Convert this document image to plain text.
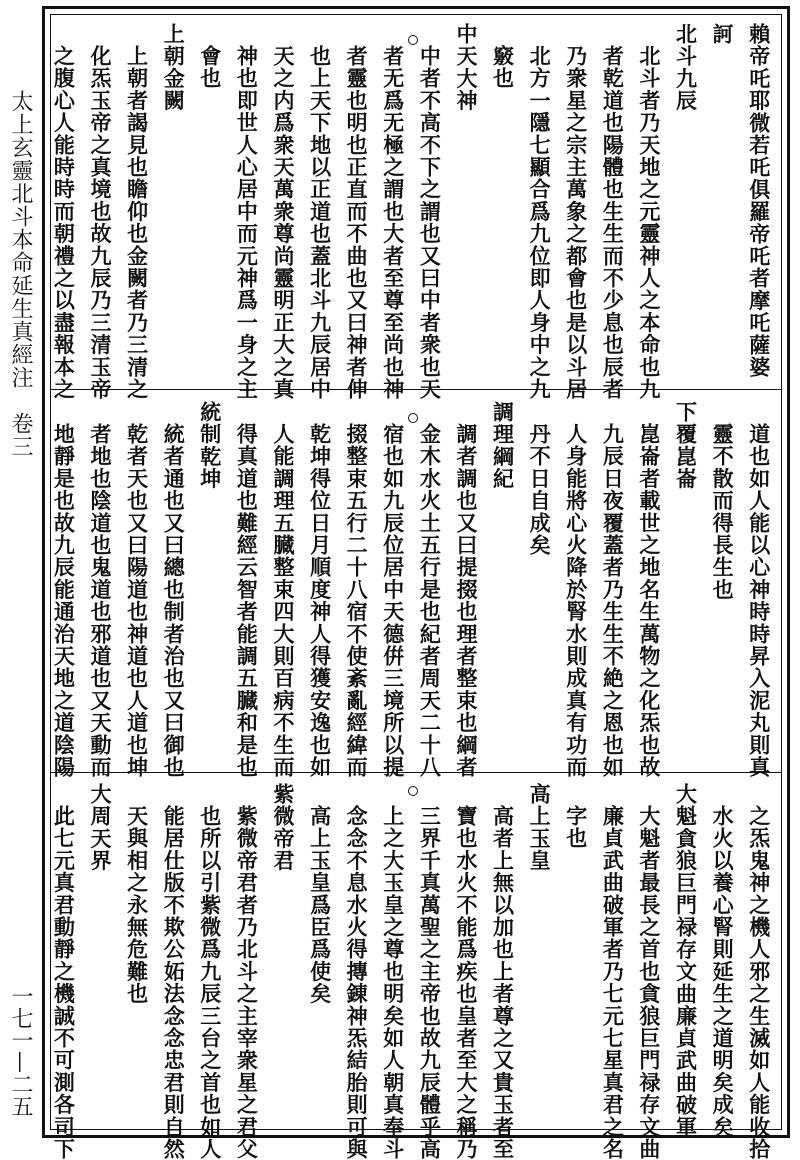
太上玄靈北斗本命延生真經注　卷三
一七一—二五
賴帝吒耶微若吒俱羅帝吒者摩吒薩婆
訶
北斗九辰
北斗者乃天地之元靈神人之本命也九
者乾道也陽體也生生而不少息也辰者
乃衆星之宗主萬象之都會也是以斗居
北方一隱七顯合爲九位即人身中之九
竅也
中天大神
中者不高不下之謂也又曰中者衆也天
者无爲无極之謂也大者至尊至尚也神
者靈也明也正直而不曲也又曰神者伸
也上天下地以正道也蓋北斗九辰居中
天之内爲衆天萬衆尊尚靈明正大之真
神也即世人心居中而元神爲一身之主
會也
上朝金闕
上朝者謁見也瞻仰也金闕者乃三清之
化炁玉帝之真境也故九辰乃三清玉帝
之腹心人能時時而朝禮之以盡報本之
道也如人能以心神時時昇入泥丸則真
靈不散而得長生也
下覆崑崙
崑崙者載世之地名生萬物之化炁也故
九辰日夜覆蓋者乃生生不絶之恩也如
人身能將心火降於腎水則成真有功而
丹不日自成矣
調理綱紀
調者調也又曰提掇也理者整束也綱者
金木水火土五行是也紀者周天二十八
宿也如九辰位居中天德倂三境所以提
掇整束五行二十八宿不使紊亂經緯而
乾坤得位日月順度神人得獲安逸也如
人能調理五臓整束四大則百病不生而
得真道也難經云智者能調五臓和是也
統制乾坤
統者通也又曰總也制者治也又曰御也
乾者天也又曰陽道也神道也人道也坤
者地也陰道也鬼道也邪道也又天動而
地靜是也故九辰能通治天地之道陰陽
之炁鬼神之機人邪之生滅如人能收拾
水火以養心腎則延生之道明矣成矣
大魁貪狼巨門禄存文曲廉貞武曲破軍
大魁者最長之首也貪狼巨門禄存文曲
廉貞武曲破軍者乃七元七星真君之名
字也
高上玉皇
高者上無以加也上者尊之又貴玉者至
寶也水火不能爲疾也皇者至大之稱乃
三界千真萬聖之主帝也故九辰體乎高
上之大玉皇之尊也明矣如人朝真奉斗
念念不息水火得摶錬神炁結胎則可與
高上玉皇爲臣爲使矣
紫微帝君
紫微帝君者乃北斗之主宰衆星之君父
也所以引紫微爲九辰三台之首也如人
能居仕版不欺公妬法念念忠君則自然
天與相之永無危難也
大周天界
此七元真君動靜之機誠不可測各司下
